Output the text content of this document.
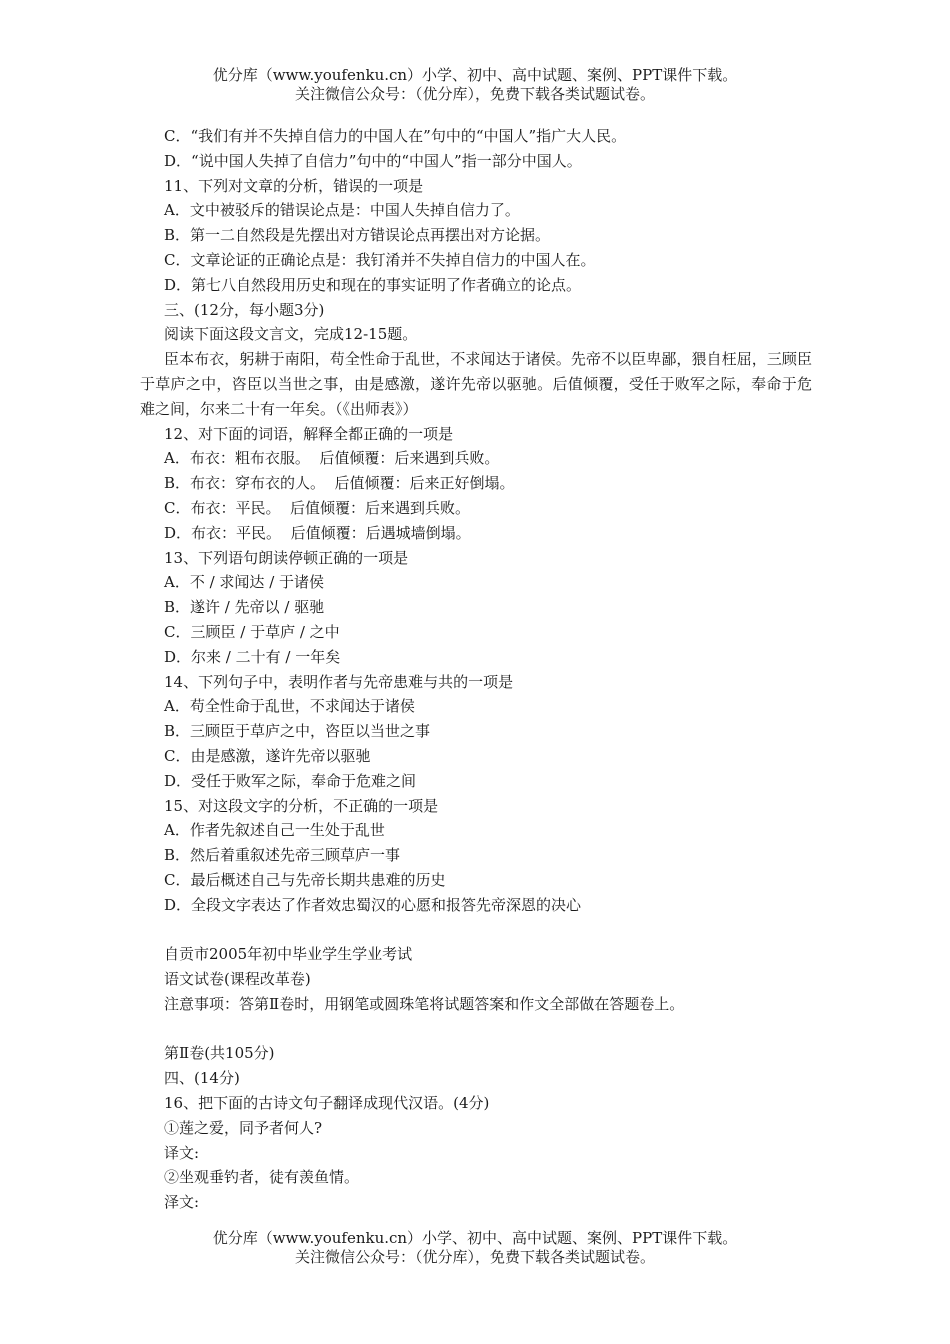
优分库（www.youfenku.cn）小学、初中、高中试题、案例、PPT课件下载。
关注微信公众号：（优分库），免费下载各类试题试卷。
C．“我们有并不失掉自信力的中国人在”句中的“中国人”指广大人民。
D．“说中国人失掉了自信力”句中的“中国人”指一部分中国人。
11、下列对文章的分析，错误的一项是
A．文中被驳斥的错误论点是：中国人失掉自信力了。
B．第一二自然段是先摆出对方错误论点再摆出对方论据。
C．文章论证的正确论点是：我钉淆并不失掉自信力的中国人在。
D．第七八自然段用历史和现在的事实证明了作者确立的论点。
三、(12分，每小题3分)
阅读下面这段文言文，完成12-15题。
臣本布衣，躬耕于南阳，苟全性命于乱世，不求闻达于诸侯。先帝不以臣卑鄙，猥自枉屈，三顾臣于草庐之中，咨臣以当世之事，由是感激，遂许先帝以驱驰。后值倾覆，受任于败军之际，奉命于危难之间，尔来二十有一年矣。（《出师表》）
12、对下面的词语，解释全都正确的一项是
A．布衣：粗布衣服。  后值倾覆：后来遇到兵败。
B．布衣：穿布衣的人。  后值倾覆：后来正好倒塌。
C．布衣：平民。  后值倾覆：后来遇到兵败。
D．布衣：平民。  后值倾覆：后遇城墙倒塌。
13、下列语句朗读停顿正确的一项是
A．不 / 求闻达 / 于诸侯
B．遂许 / 先帝以 / 驱驰
C．三顾臣 / 于草庐 / 之中
D．尔来 / 二十有 / 一年矣
14、下列句子中，表明作者与先帝患难与共的一项是
A．苟全性命于乱世，不求闻达于诸侯
B．三顾臣于草庐之中，咨臣以当世之事
C．由是感激，遂许先帝以驱驰
D．受任于败军之际，奉命于危难之间
15、对这段文字的分析，不正确的一项是
A．作者先叙述自己一生处于乱世
B．然后着重叙述先帝三顾草庐一事
C．最后概述自己与先帝长期共患难的历史
D．全段文字表达了作者效忠蜀汉的心愿和报答先帝深恩的决心
自贡市2005年初中毕业学生学业考试
语文试卷(课程改革卷)
注意事项：答第Ⅱ卷时，用钢笔或圆珠笔将试题答案和作文全部做在答题卷上。
第Ⅱ卷(共105分)
四、(14分)
16、把下面的古诗文句子翻译成现代汉语。(4分)
①莲之爱，同予者何人?
译文:
②坐观垂钓者，徒有羡鱼情。
泽文:
优分库（www.youfenku.cn）小学、初中、高中试题、案例、PPT课件下载。
关注微信公众号：（优分库），免费下载各类试题试卷。
